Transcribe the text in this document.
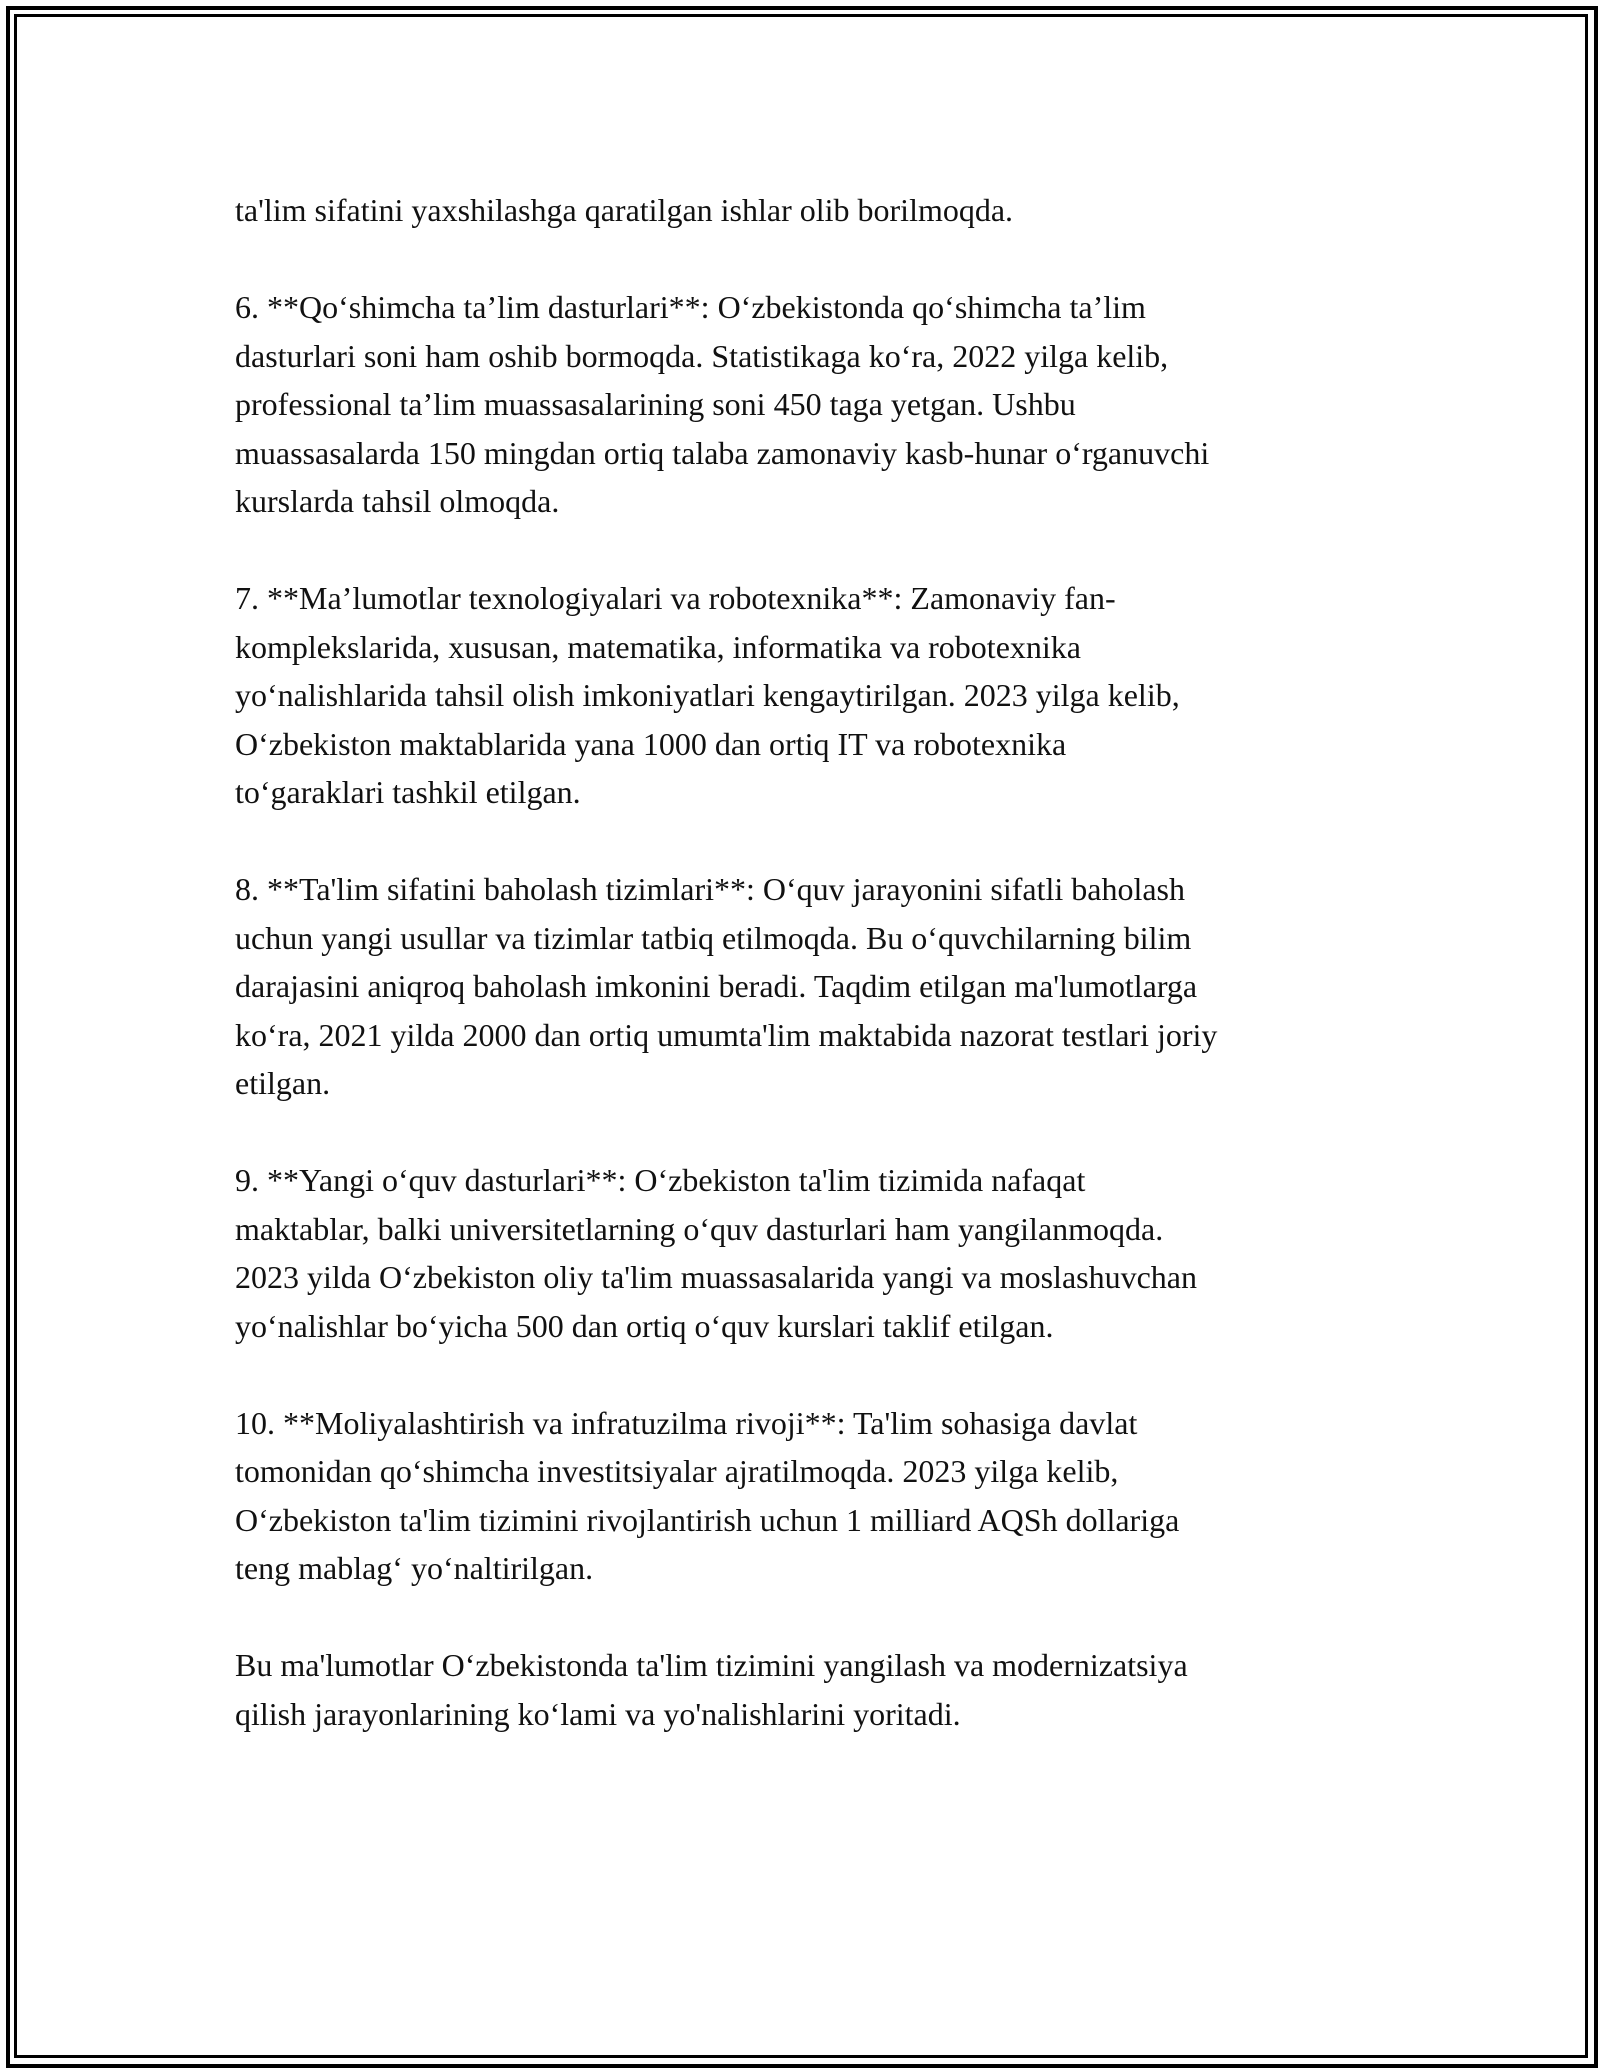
ta'lim sifatini yaxshilashga qaratilgan ishlar olib borilmoqda.

6. **Qo‘shimcha ta’lim dasturlari**: O‘zbekistonda qo‘shimcha ta’lim
dasturlari soni ham oshib bormoqda. Statistikaga ko‘ra, 2022 yilga kelib,
professional ta’lim muassasalarining soni 450 taga yetgan. Ushbu
muassasalarda 150 mingdan ortiq talaba zamonaviy kasb-hunar o‘rganuvchi
kurslarda tahsil olmoqda.

7. **Ma’lumotlar texnologiyalari va robotexnika**: Zamonaviy fan-
komplekslarida, xususan, matematika, informatika va robotexnika
yo‘nalishlarida tahsil olish imkoniyatlari kengaytirilgan. 2023 yilga kelib,
O‘zbekiston maktablarida yana 1000 dan ortiq IT va robotexnika
to‘garaklari tashkil etilgan.

8. **Ta'lim sifatini baholash tizimlari**: O‘quv jarayonini sifatli baholash
uchun yangi usullar va tizimlar tatbiq etilmoqda. Bu o‘quvchilarning bilim
darajasini aniqroq baholash imkonini beradi. Taqdim etilgan ma'lumotlarga
ko‘ra, 2021 yilda 2000 dan ortiq umumta'lim maktabida nazorat testlari joriy
etilgan.

9. **Yangi o‘quv dasturlari**: O‘zbekiston ta'lim tizimida nafaqat
maktablar, balki universitetlarning o‘quv dasturlari ham yangilanmoqda.
2023 yilda O‘zbekiston oliy ta'lim muassasalarida yangi va moslashuvchan
yo‘nalishlar bo‘yicha 500 dan ortiq o‘quv kurslari taklif etilgan.

10. **Moliyalashtirish va infratuzilma rivoji**: Ta'lim sohasiga davlat
tomonidan qo‘shimcha investitsiyalar ajratilmoqda. 2023 yilga kelib,
O‘zbekiston ta'lim tizimini rivojlantirish uchun 1 milliard AQSh dollariga
teng mablag‘ yo‘naltirilgan.

Bu ma'lumotlar O‘zbekistonda ta'lim tizimini yangilash va modernizatsiya
qilish jarayonlarining ko‘lami va yo'nalishlarini yoritadi.
